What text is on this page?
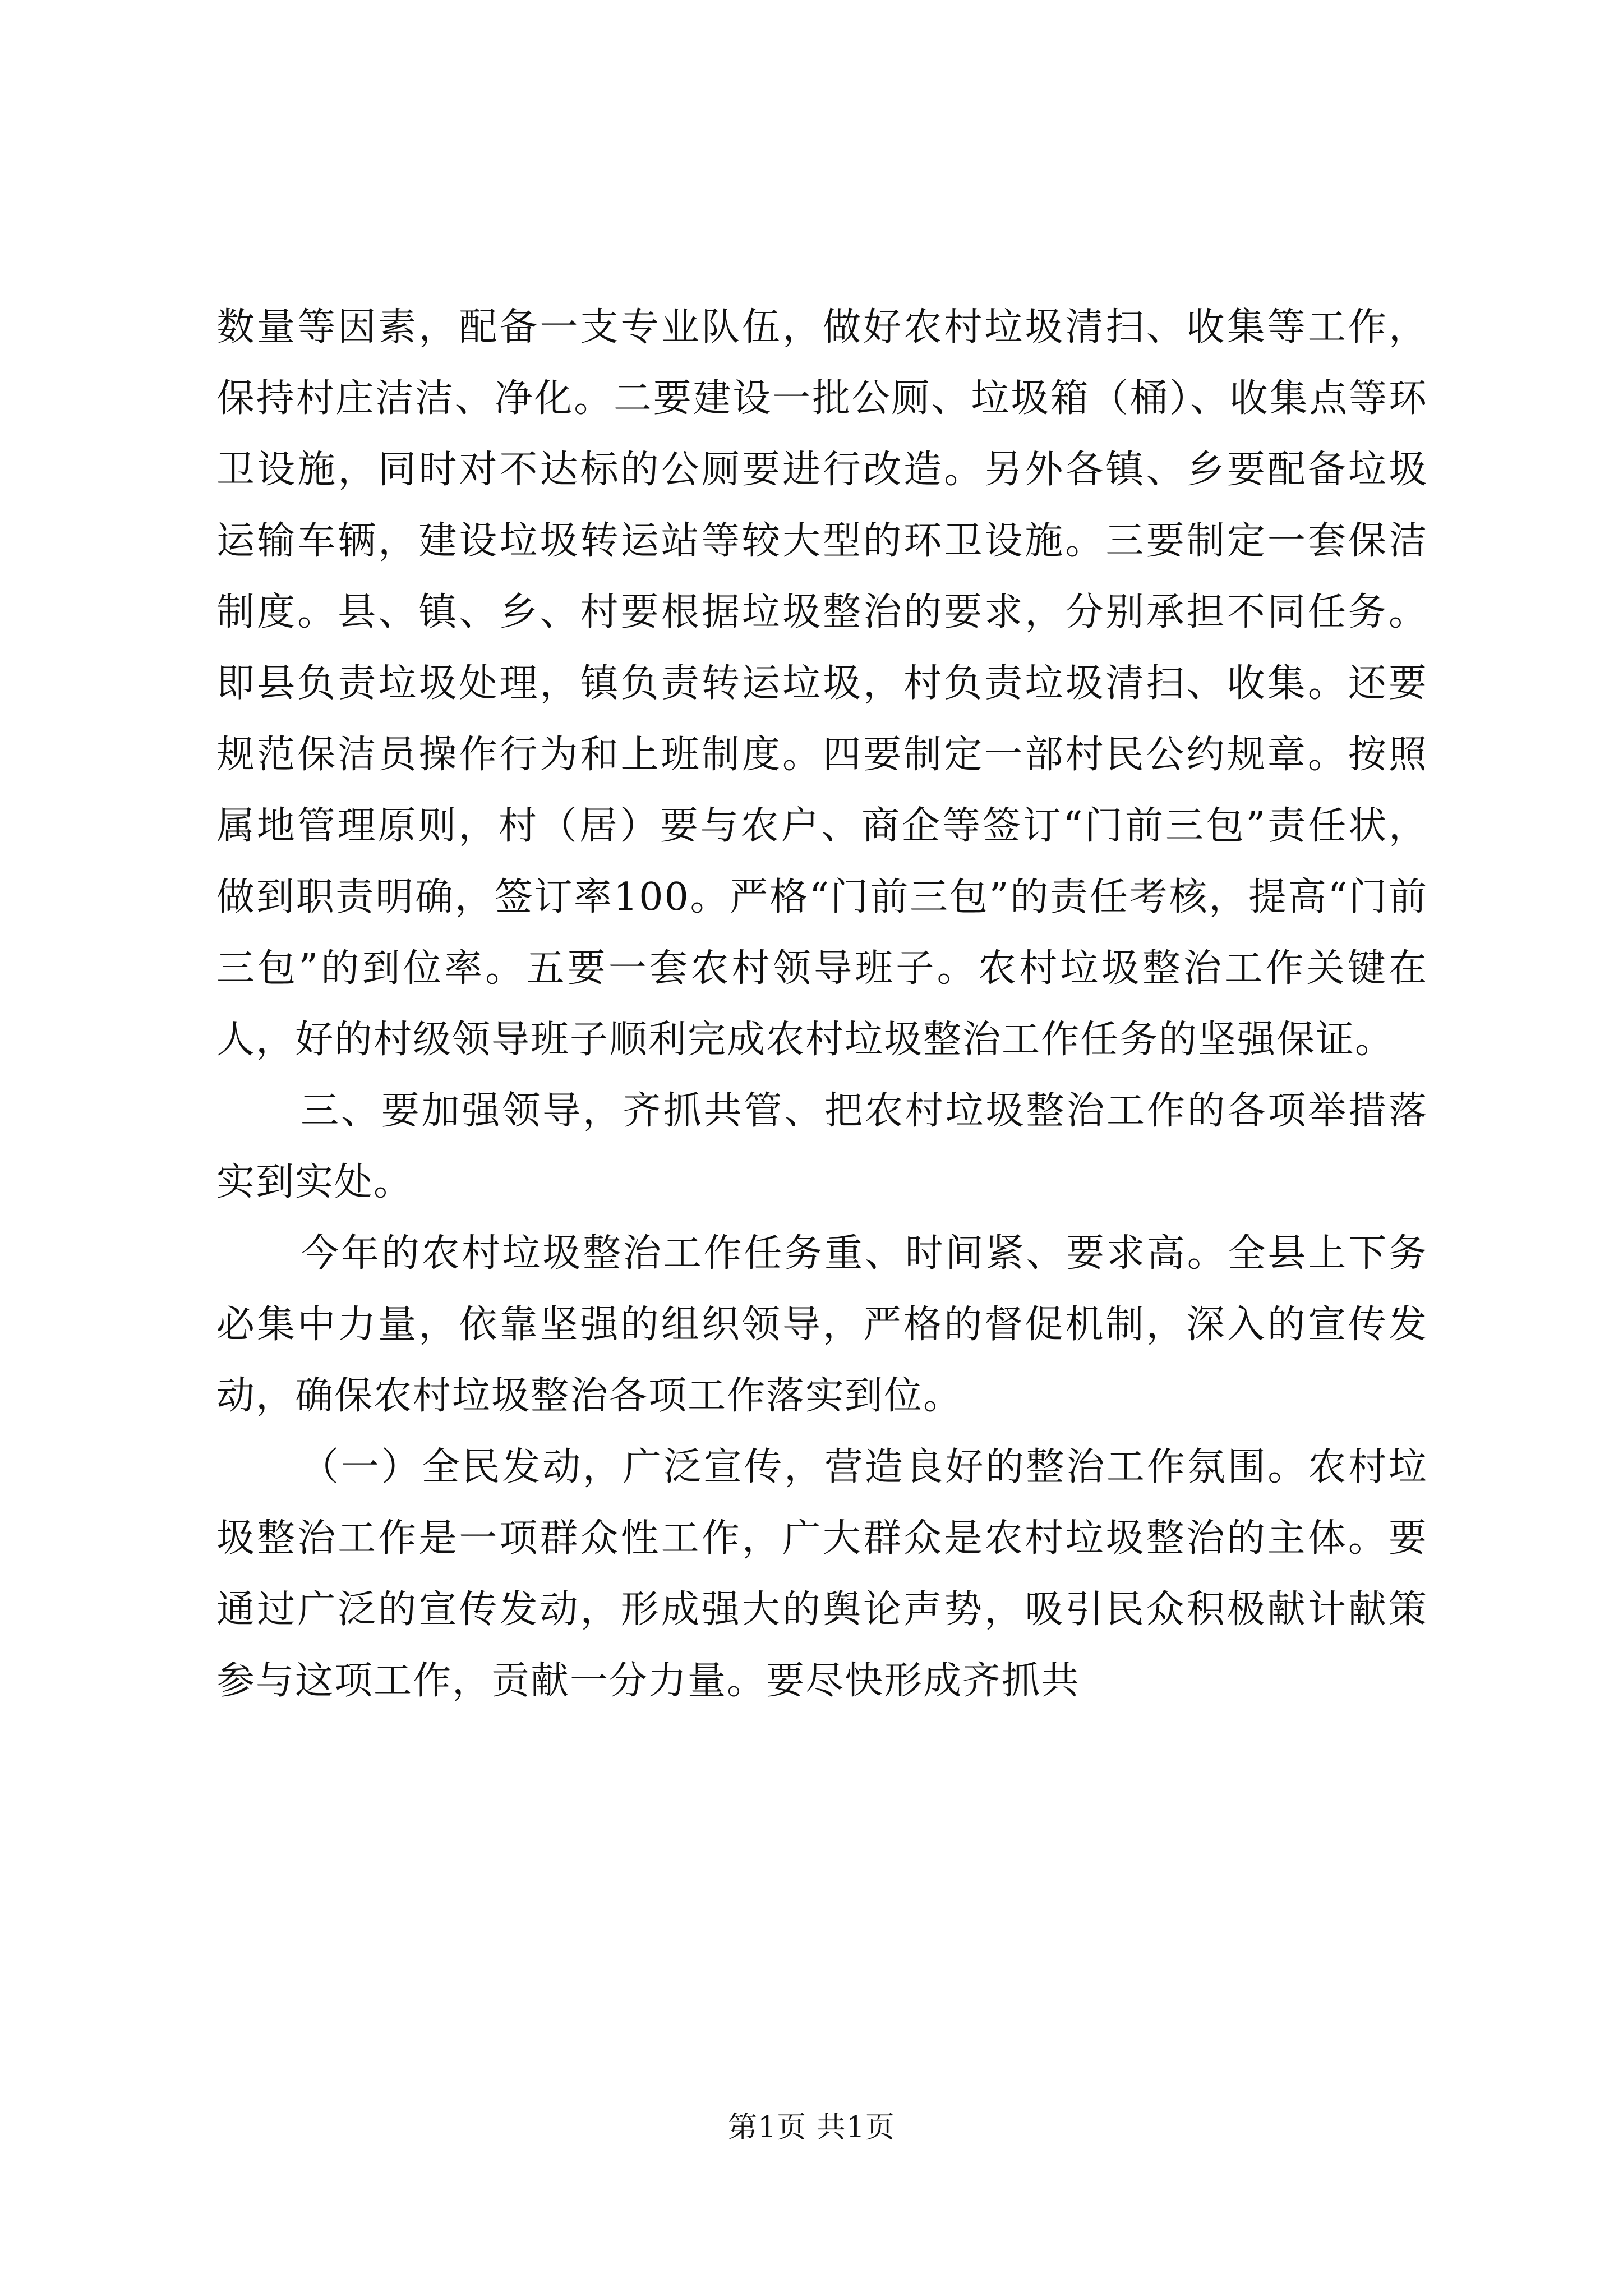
数量等因素，配备一支专业队伍，做好农村垃圾清扫、收集等工作，保持村庄洁洁、净化。二要建设一批公厕、垃圾箱（桶）、收集点等环卫设施，同时对不达标的公厕要进行改造。另外各镇、乡要配备垃圾运输车辆，建设垃圾转运站等较大型的环卫设施。三要制定一套保洁制度。县、镇、乡、村要根据垃圾整治的要求，分别承担不同任务。即县负责垃圾处理，镇负责转运垃圾，村负责垃圾清扫、收集。还要规范保洁员操作行为和上班制度。四要制定一部村民公约规章。按照属地管理原则，村（居）要与农户、商企等签订“门前三包”责任状，做到职责明确，签订率100。严格“门前三包”的责任考核，提高“门前三包”的到位率。五要一套农村领导班子。农村垃圾整治工作关键在人，好的村级领导班子顺利完成农村垃圾整治工作任务的坚强保证。

三、要加强领导，齐抓共管、把农村垃圾整治工作的各项举措落实到实处。

今年的农村垃圾整治工作任务重、时间紧、要求高。全县上下务必集中力量，依靠坚强的组织领导，严格的督促机制，深入的宣传发动，确保农村垃圾整治各项工作落实到位。

（一）全民发动，广泛宣传，营造良好的整治工作氛围。农村垃圾整治工作是一项群众性工作，广大群众是农村垃圾整治的主体。要通过广泛的宣传发动，形成强大的舆论声势，吸引民众积极献计献策参与这项工作，贡献一分力量。要尽快形成齐抓共

第1页 共1页
